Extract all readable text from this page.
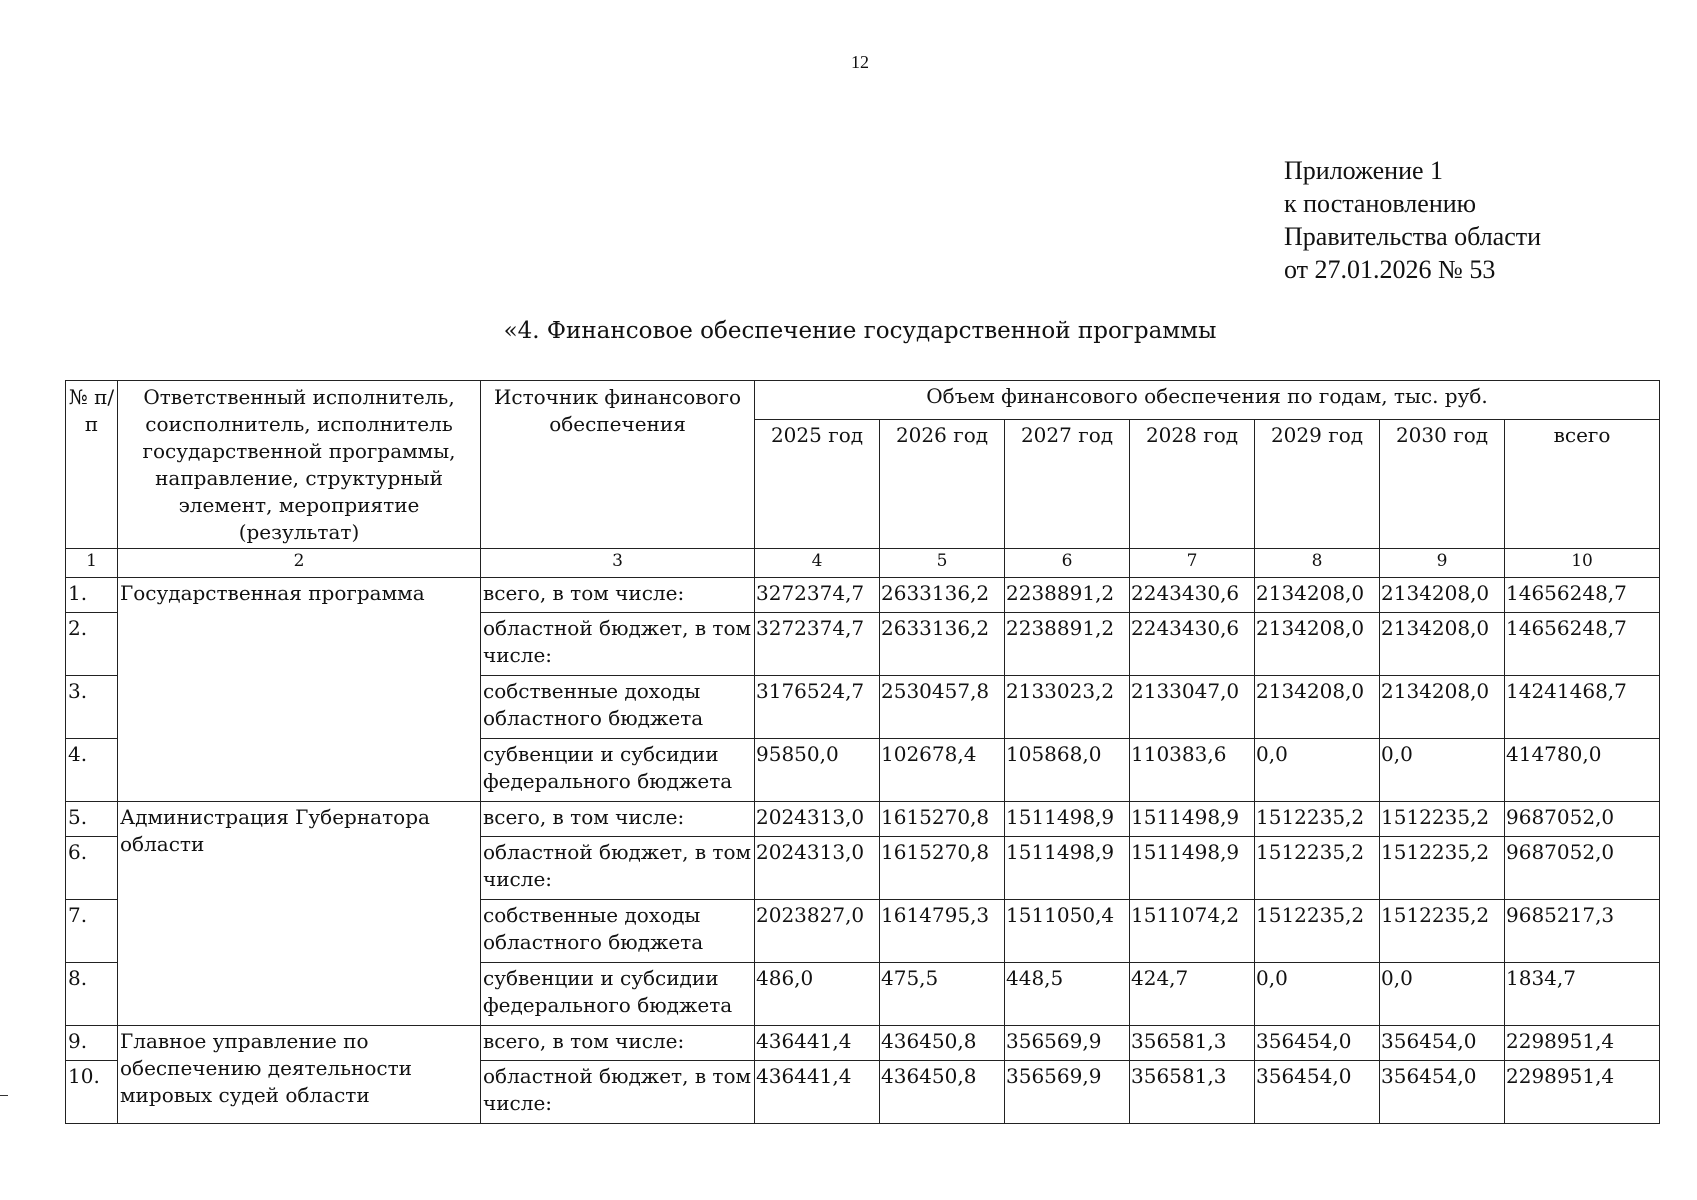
12
Приложение 1
к постановлению
Правительства области
от 27.01.2026 № 53
«4. Финансовое обеспечение государственной программы
№ п/п	Ответственный исполнитель, соисполнитель, исполнитель государственной программы, направление, структурный элемент, мероприятие (результат)	Источник финансового обеспечения	Объем финансового обеспечения по годам, тыс. руб.						
			2025 год	2026 год	2027 год	2028 год	2029 год	2030 год	всего
1	2	3	4	5	6	7	8	9	10
1.	Государственная программа	всего, в том числе:	3272374,7	2633136,2	2238891,2	2243430,6	2134208,0	2134208,0	14656248,7
2.		областной бюджет, в том числе:	3272374,7	2633136,2	2238891,2	2243430,6	2134208,0	2134208,0	14656248,7
3.		собственные доходы областного бюджета	3176524,7	2530457,8	2133023,2	2133047,0	2134208,0	2134208,0	14241468,7
4.		субвенции и субсидии федерального бюджета	95850,0	102678,4	105868,0	110383,6	0,0	0,0	414780,0
5.	Администрация Губернатора области	всего, в том числе:	2024313,0	1615270,8	1511498,9	1511498,9	1512235,2	1512235,2	9687052,0
6.		областной бюджет, в том числе:	2024313,0	1615270,8	1511498,9	1511498,9	1512235,2	1512235,2	9687052,0
7.		собственные доходы областного бюджета	2023827,0	1614795,3	1511050,4	1511074,2	1512235,2	1512235,2	9685217,3
8.		субвенции и субсидии федерального бюджета	486,0	475,5	448,5	424,7	0,0	0,0	1834,7
9.	Главное управление по обеспечению деятельности мировых судей области	всего, в том числе:	436441,4	436450,8	356569,9	356581,3	356454,0	356454,0	2298951,4
10.		областной бюджет, в том числе:	436441,4	436450,8	356569,9	356581,3	356454,0	356454,0	2298951,4
